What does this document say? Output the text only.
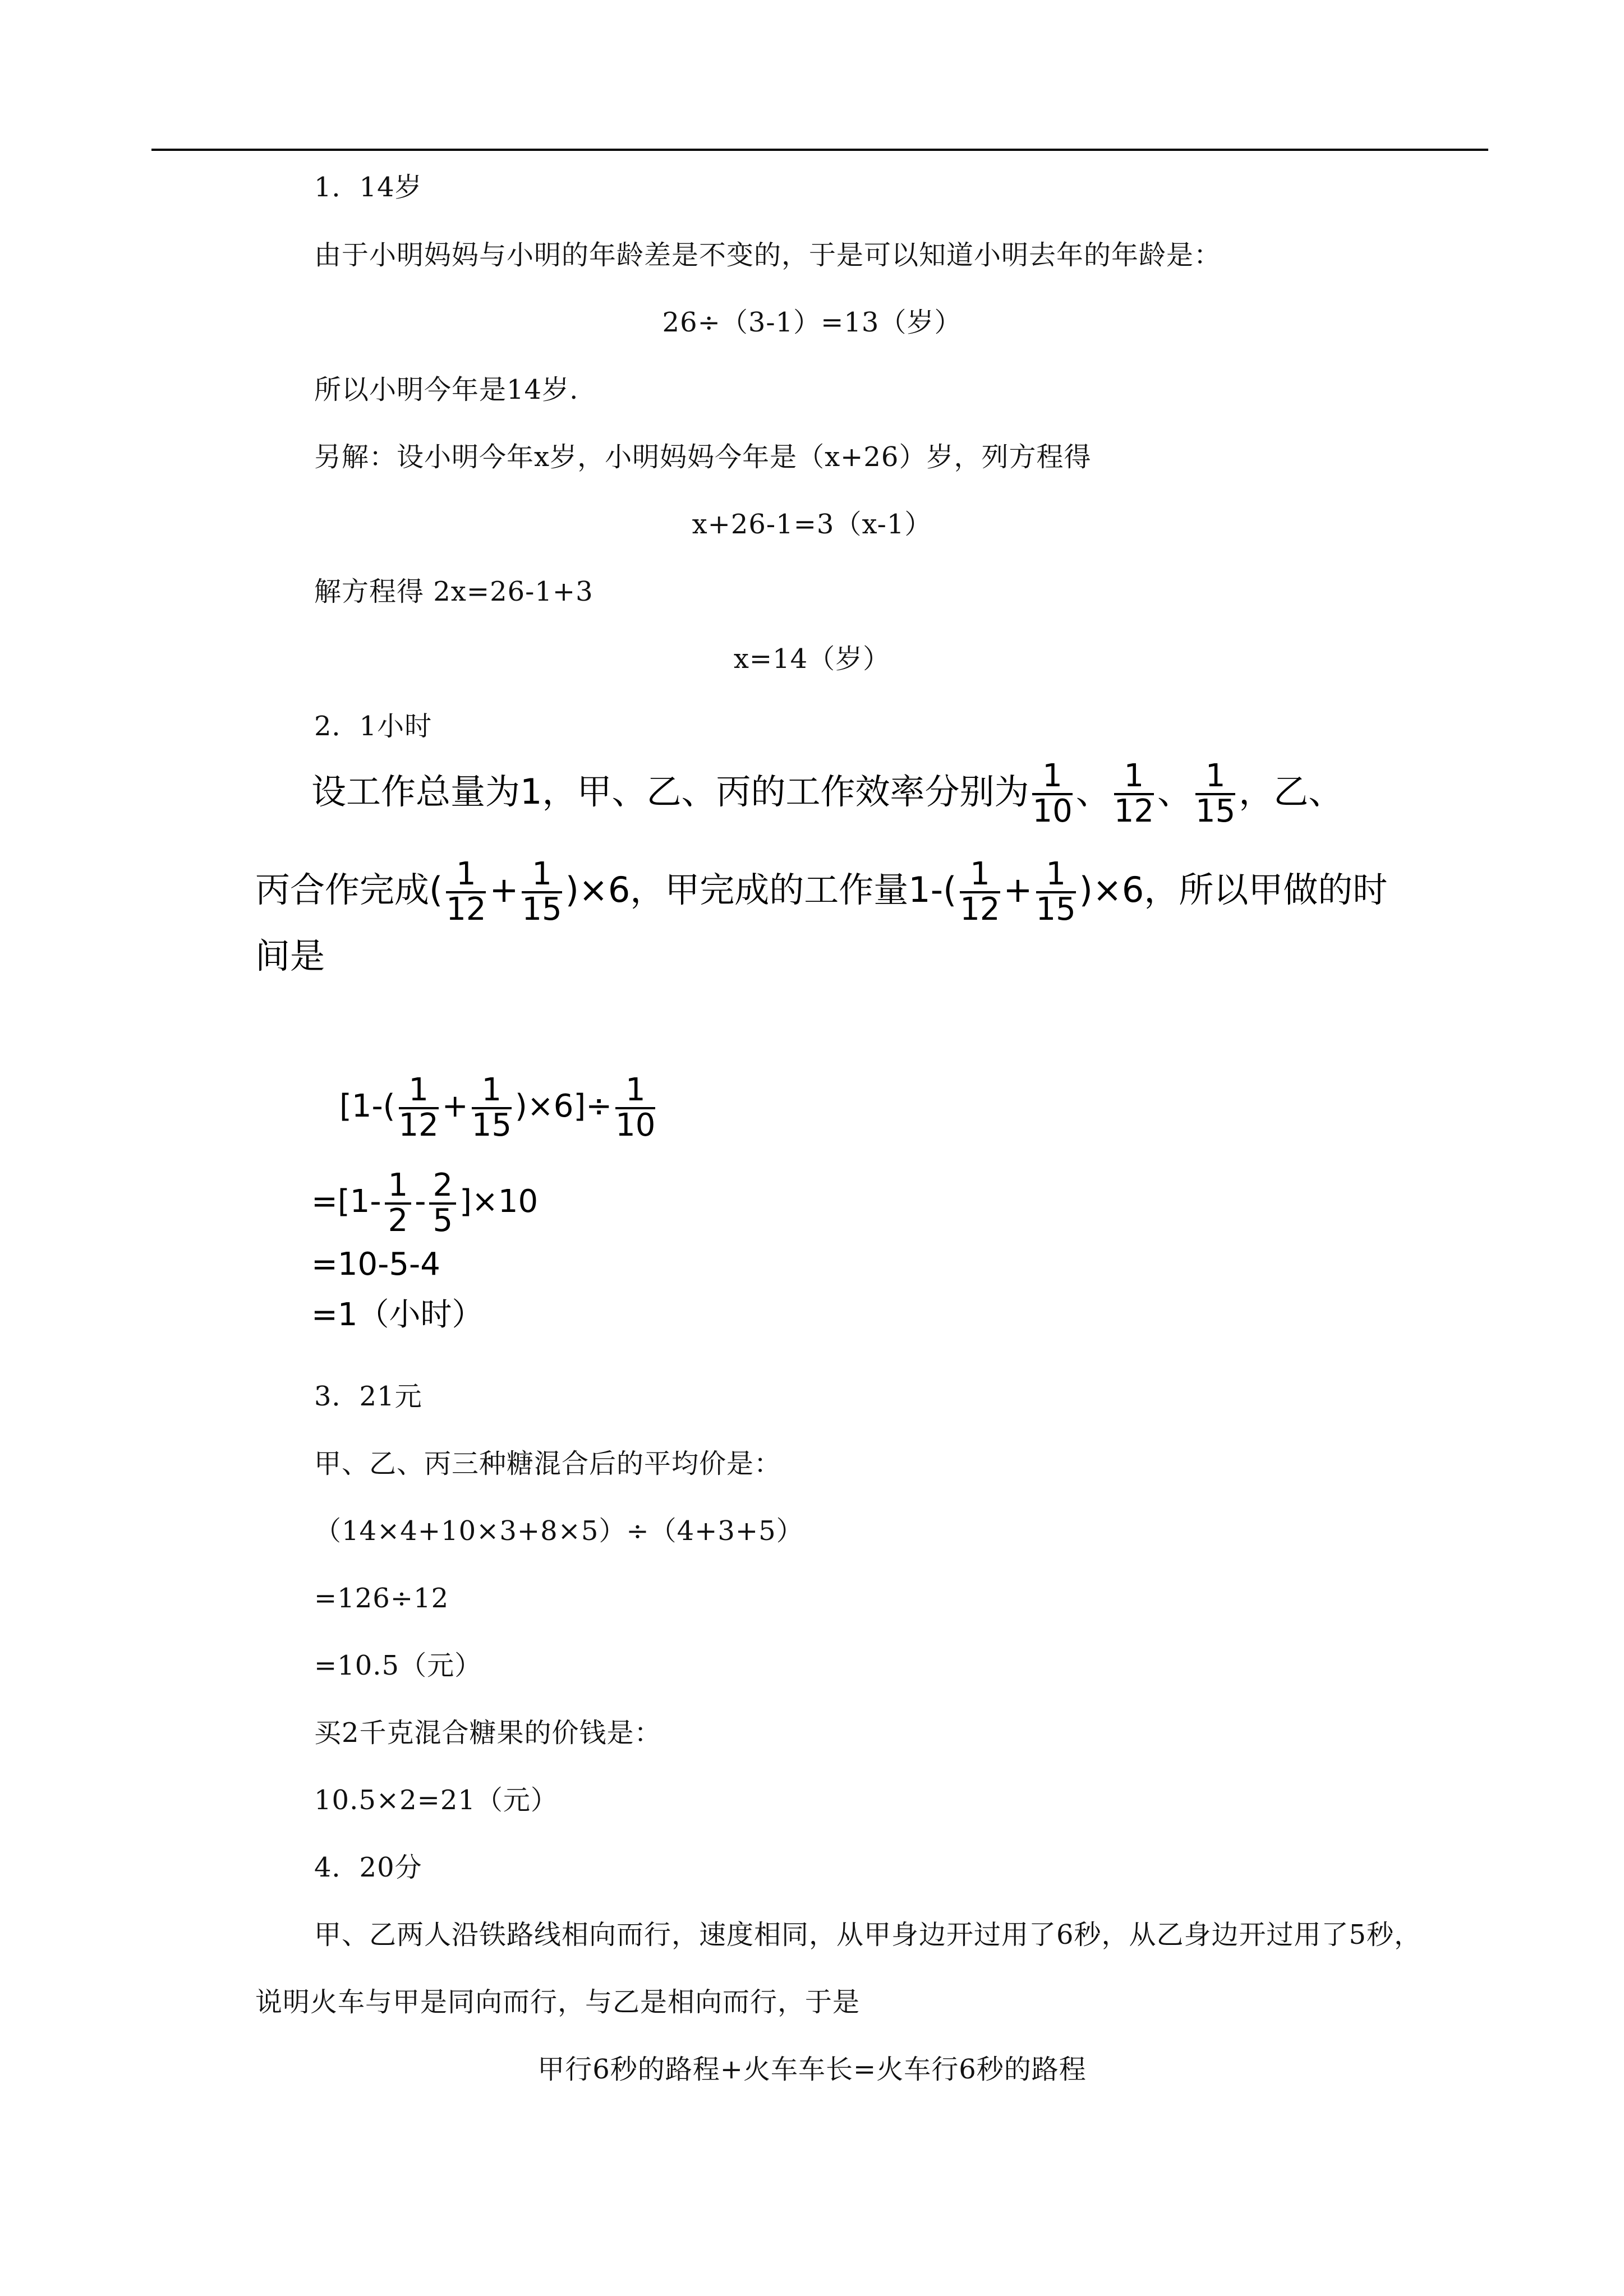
1．14岁
由于小明妈妈与小明的年龄差是不变的，于是可以知道小明去年的年龄是：
26÷（3-1）=13（岁）
所以小明今年是14岁.
另解：设小明今年x岁，小明妈妈今年是（x+26）岁，列方程得
x+26-1=3（x-1）
解方程得 2x=26-1+3
x=14（岁）
2．1小时
设工作总量为1，甲、乙、丙的工作效率分别为 $\frac{1}{10}$ 、 $\frac{1}{12}$ 、 $\frac{1}{15}$ ，乙、
丙合作完成( $\frac{1}{12} + \frac{1}{15} )\times 6$，甲完成的工作量$1-( \frac{1}{12} + \frac{1}{15} )\times 6$，所以甲做的时
间是
$[1-( \frac{1}{12} + \frac{1}{15} )\times 6]\div \frac{1}{10}$
$=[1- \frac{1}{2} - \frac{2}{5} ]\times 10$
=10-5-4
=1（小时）
3．21元
甲、乙、丙三种糖混合后的平均价是：
（14×4+10×3+8×5）÷（4+3+5）
=126÷12
=10.5（元）
买2千克混合糖果的价钱是：
10.5×2=21（元）
4．20分
甲、乙两人沿铁路线相向而行，速度相同，从甲身边开过用了6秒，从乙身边开过用了5秒，
说明火车与甲是同向而行，与乙是相向而行，于是
甲行6秒的路程+火车车长=火车行6秒的路程
